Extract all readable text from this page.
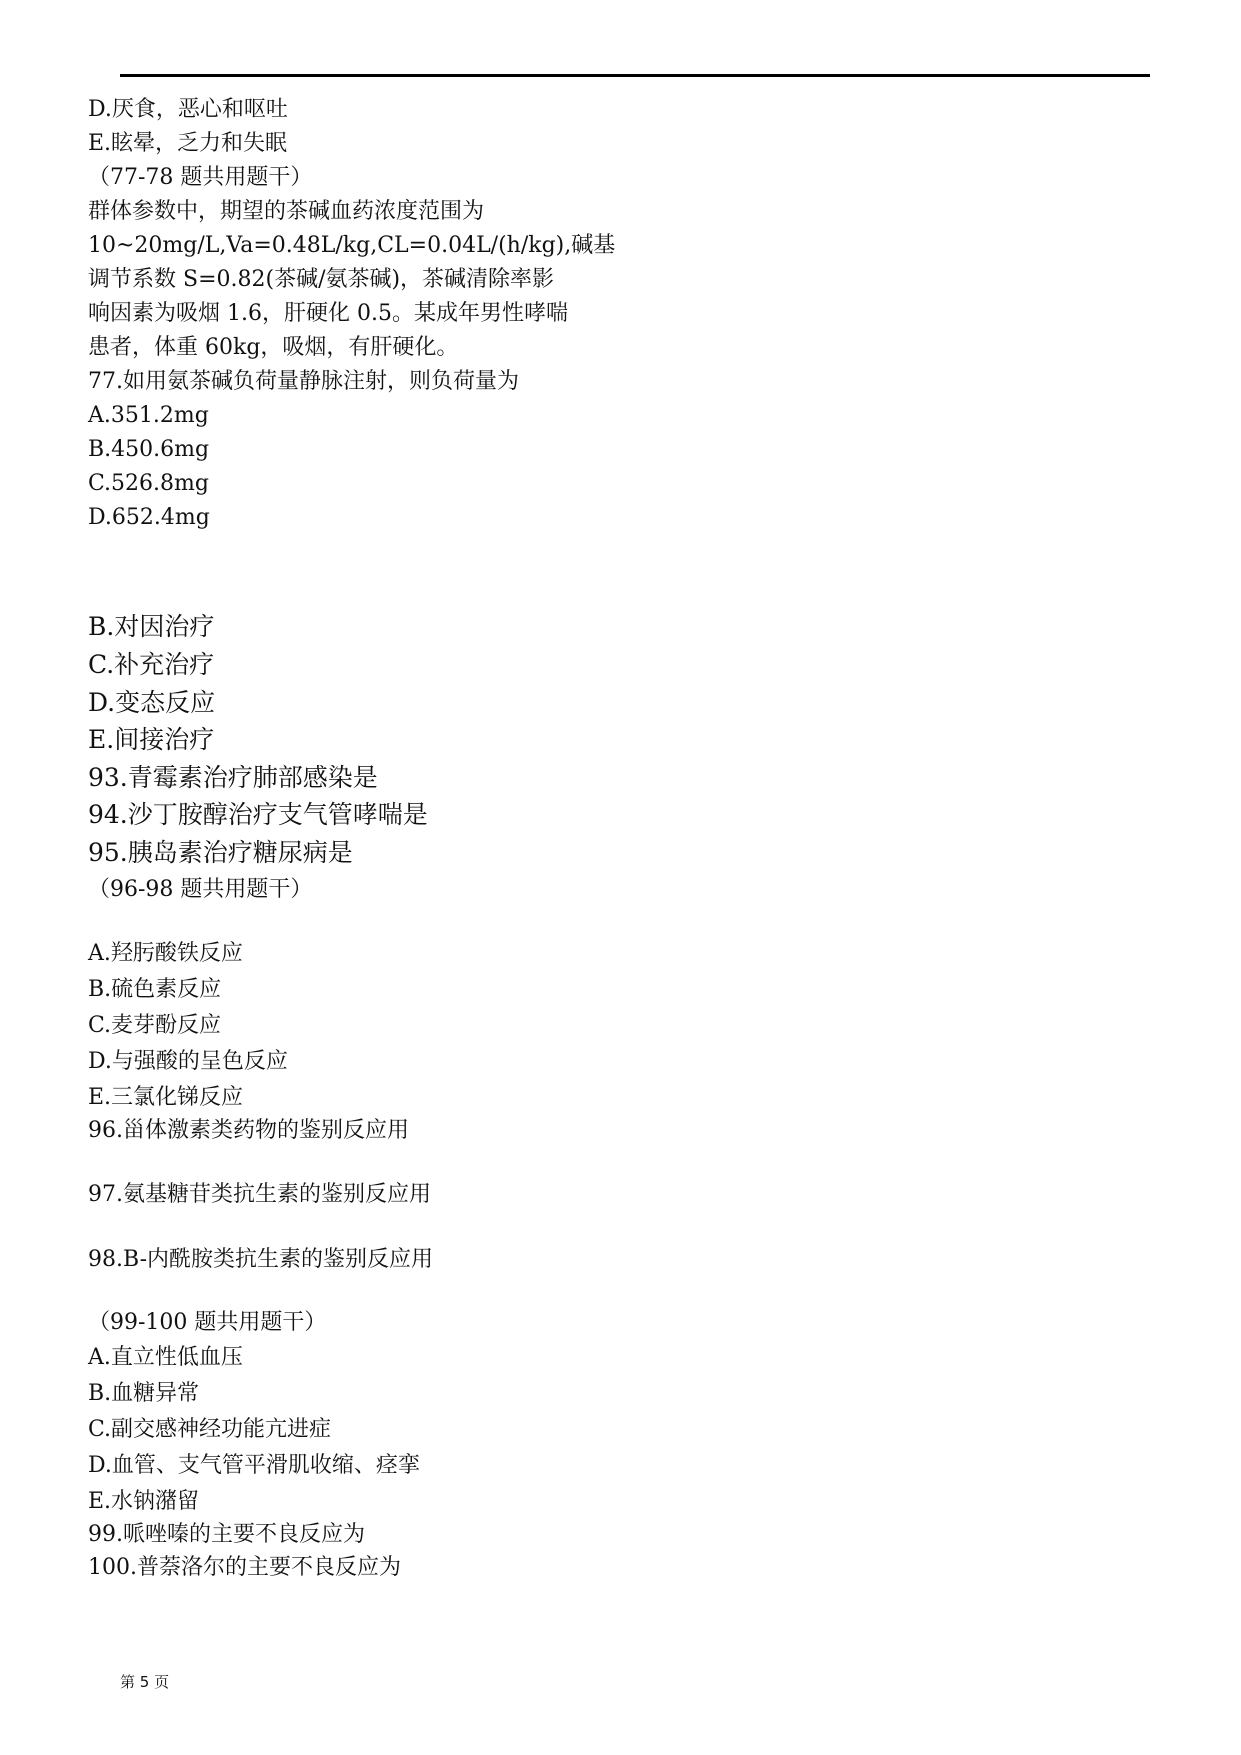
D.厌食，恶心和呕吐
E.眩晕，乏力和失眠
（77-78 题共用题干）
群体参数中，期望的茶碱血药浓度范围为
10~20mg/L,Va=0.48L/kg,CL=0.04L/(h/kg),碱基
调节系数 S=0.82(茶碱/氨茶碱)，茶碱清除率影
响因素为吸烟 1.6，肝硬化 0.5。某成年男性哮喘
患者，体重 60kg，吸烟，有肝硬化。
77.如用氨茶碱负荷量静脉注射，则负荷量为
A.351.2mg
B.450.6mg
C.526.8mg
D.652.4mg
B.对因治疗
C.补充治疗
D.变态反应
E.间接治疗
93.青霉素治疗肺部感染是
94.沙丁胺醇治疗支气管哮喘是
95.胰岛素治疗糖尿病是
（96-98 题共用题干）
A.羟肟酸铁反应
B.硫色素反应
C.麦芽酚反应
D.与强酸的呈色反应
E.三氯化锑反应
96.甾体激素类药物的鉴别反应用
97.氨基糖苷类抗生素的鉴别反应用
98.B-内酰胺类抗生素的鉴别反应用
（99-100 题共用题干）
A.直立性低血压
B.血糖异常
C.副交感神经功能亢进症
D.血管、支气管平滑肌收缩、痉挛
E.水钠潴留
99.哌唑嗪的主要不良反应为
100.普萘洛尔的主要不良反应为
第 5 页
